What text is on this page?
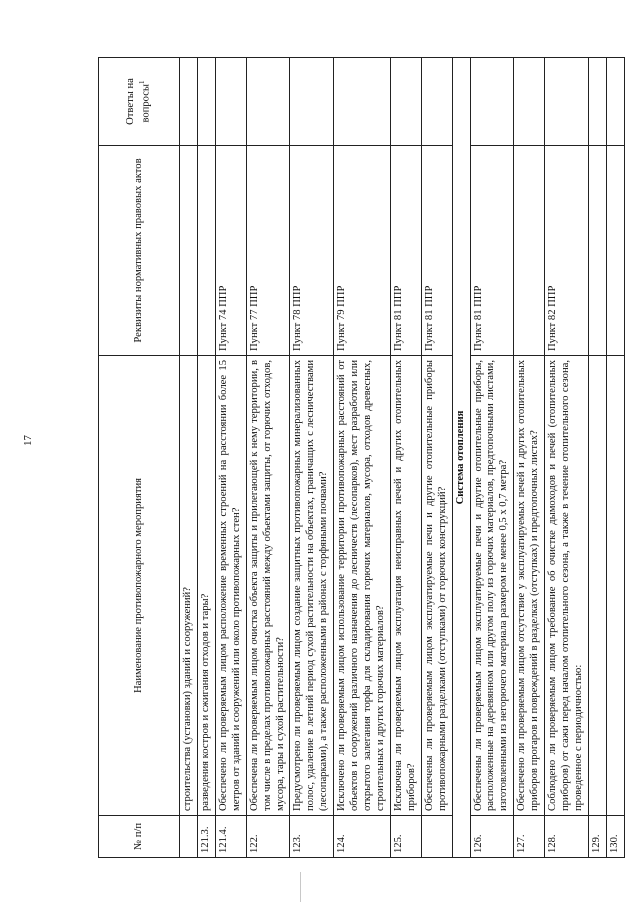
17

№ п/п	Наименование противопожарного мероприятия	Реквизиты нормативных правовых актов	Ответы на вопросы$^1$
	строительства (установки) зданий и сооружений?		
121.3.	разведения костров и сжигания отходов и тары?		
121.4.	Обеспечено ли проверяемым лицом расположение временных строений на расстоянии более 15 метров от зданий и сооружений или около противопожарных стен?	Пункт 74 ППР	
122.	Обеспечена ли проверяемым лицом очистка объекта защиты и прилегающей к нему территории, в том числе в пределах противопожарных расстояний между объектами защиты, от горючих отходов, мусора, тары и сухой растительности?	Пункт 77 ППР	
123.	Предусмотрено ли проверяемым лицом создание защитных противопожарных минерализованных полос, удаление в летний период сухой растительности на объектах, граничащих с лесничествами (лесопарками), а также расположенными в районах с торфяными почвами?	Пункт 78 ППР	
124.	Исключено ли проверяемым лицом использование территории противопожарных расстояний от объектов и сооружений различного назначения до лесничеств (лесопарков), мест разработки или открытого залегания торфа для складирования горючих материалов, мусора, отходов древесных, строительных и других горючих материалов?	Пункт 79 ППР	
125.	Исключена ли проверяемым лицом эксплуатация неисправных печей и других отопительных приборов?	Пункт 81 ППР	
	Обеспечены ли проверяемым лицом эксплуатируемые печи и другие отопительные приборы противопожарными разделками (отступками) от горючих конструкций?	Пункт 81 ППР	
Система отопления			
126.	Обеспечены ли проверяемым лицом эксплуатируемые печи и другие отопительные приборы, расположенные на деревянном или другом полу из горючих материалов, предтопочными листами, изготовленными из негорючего материала размером не менее 0,5 х 0,7 метра?	Пункт 81 ППР	
127.	Обеспечено ли проверяемым лицом отсутствие у эксплуатируемых печей и других отопительных приборов прогаров и повреждений в разделках (отступках) и предтопочных листах?		
128.	Соблюдено ли проверяемым лицом требование об очистке дымоходов и печей (отопительных приборов) от сажи перед началом отопительного сезона, а также в течение отопительного сезона, проведенное с периодичностью:	Пункт 82 ППР	
129.			
130.			
